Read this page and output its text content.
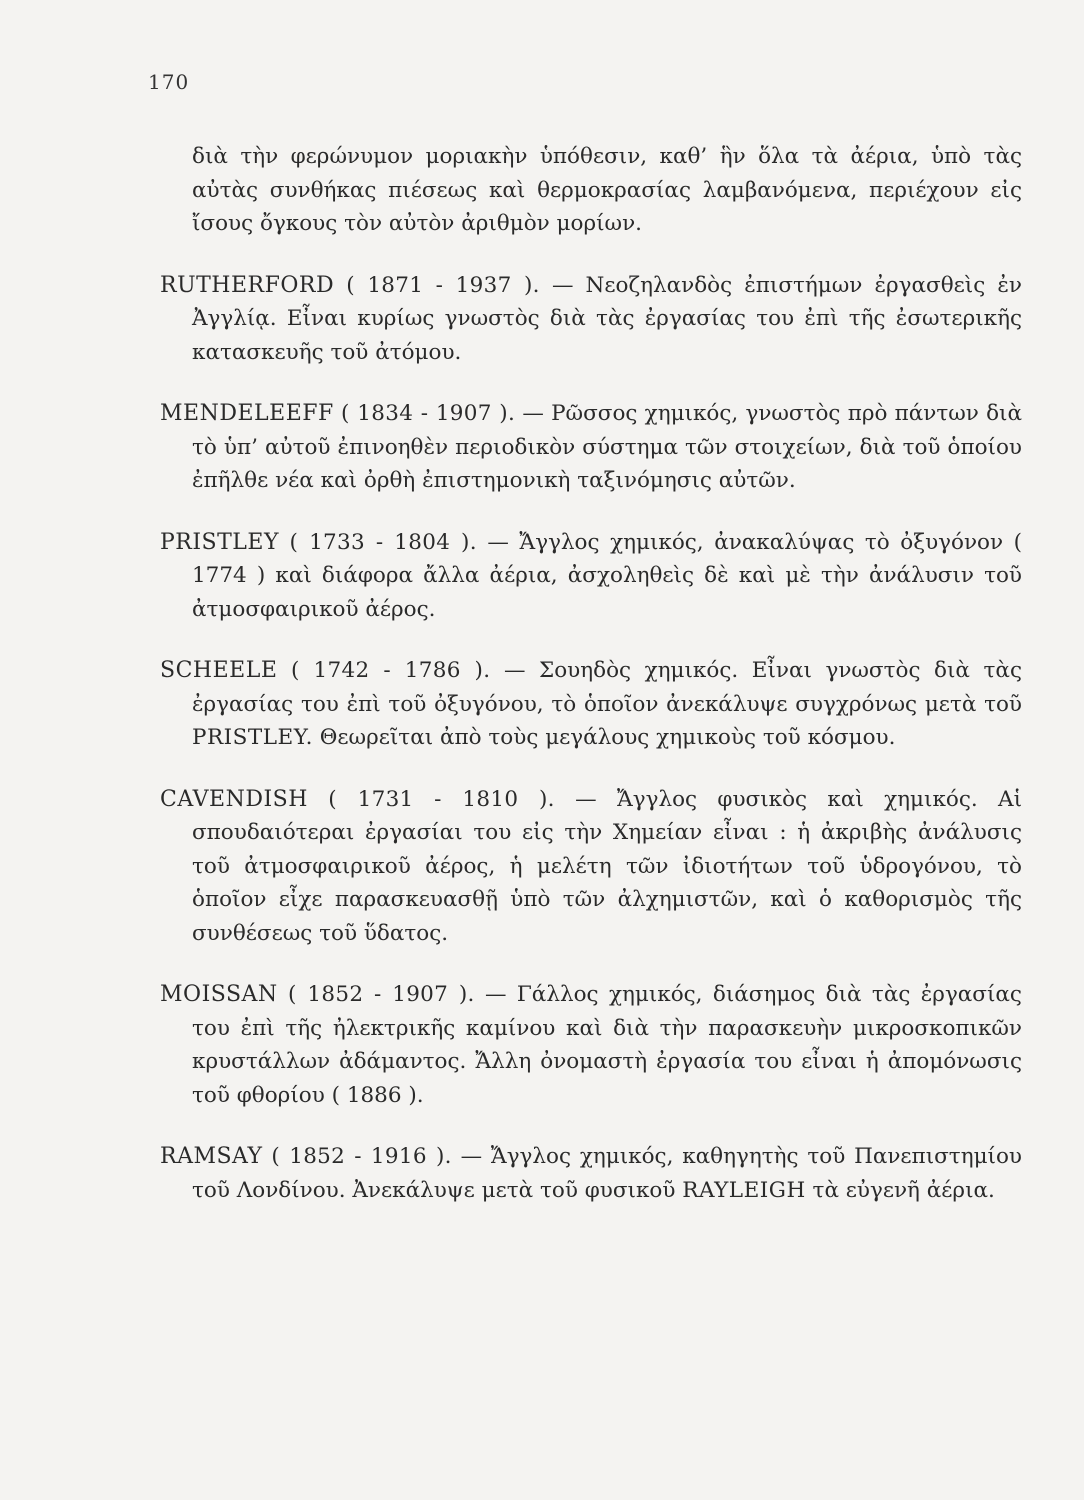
170

διὰ τὴν φερώνυμον μοριακὴν ὑπόθεσιν, καθ’ ἣν ὅλα τὰ ἀέρια, ὑπὸ τὰς αὐτὰς συνθήκας πιέσεως καὶ θερμοκρασίας λαμβανόμενα, περιέχουν εἰς ἴσους ὄγκους τὸν αὐτὸν ἀριθμὸν μορίων.

RUTHERFORD ( 1871 - 1937 ). — Νεοζηλανδὸς ἐπιστήμων ἐργασθεὶς ἐν Ἀγγλίᾳ. Εἶναι κυρίως γνωστὸς διὰ τὰς ἐργασίας του ἐπὶ τῆς ἐσωτερικῆς κατασκευῆς τοῦ ἀτόμου.

MENDELEEFF ( 1834 - 1907 ). — Ρῶσσος χημικός, γνωστὸς πρὸ πάντων διὰ τὸ ὑπ’ αὐτοῦ ἐπινοηθὲν περιοδικὸν σύστημα τῶν στοιχείων, διὰ τοῦ ὁποίου ἐπῆλθε νέα καὶ ὀρθὴ ἐπιστημονικὴ ταξινόμησις αὐτῶν.

PRISTLEY ( 1733 - 1804 ). — Ἄγγλος χημικός, ἀνακαλύψας τὸ ὀξυγόνον ( 1774 ) καὶ διάφορα ἄλλα ἀέρια, ἀσχοληθεὶς δὲ καὶ μὲ τὴν ἀνάλυσιν τοῦ ἀτμοσφαιρικοῦ ἀέρος.

SCHEELE ( 1742 - 1786 ). — Σουηδὸς χημικός. Εἶναι γνωστὸς διὰ τὰς ἐργασίας του ἐπὶ τοῦ ὀξυγόνου, τὸ ὁποῖον ἀνεκάλυψε συγχρόνως μετὰ τοῦ PRISTLEY. Θεωρεῖται ἀπὸ τοὺς μεγάλους χημικοὺς τοῦ κόσμου.

CAVENDISH ( 1731 - 1810 ). — Ἄγγλος φυσικὸς καὶ χημικός. Αἱ σπουδαιότεραι ἐργασίαι του εἰς τὴν Χημείαν εἶναι : ἡ ἀκριβὴς ἀνάλυσις τοῦ ἀτμοσφαιρικοῦ ἀέρος, ἡ μελέτη τῶν ἰδιοτήτων τοῦ ὑδρογόνου, τὸ ὁποῖον εἶχε παρασκευασθῇ ὑπὸ τῶν ἀλχημιστῶν, καὶ ὁ καθορισμὸς τῆς συνθέσεως τοῦ ὕδατος.

MOISSAN ( 1852 - 1907 ). — Γάλλος χημικός, διάσημος διὰ τὰς ἐργασίας του ἐπὶ τῆς ἠλεκτρικῆς καμίνου καὶ διὰ τὴν παρασκευὴν μικροσκοπικῶν κρυστάλλων ἀδάμαντος. Ἄλλη ὀνομαστὴ ἐργασία του εἶναι ἡ ἀπομόνωσις τοῦ φθορίου ( 1886 ).

RAMSAY ( 1852 - 1916 ). — Ἄγγλος χημικός, καθηγητὴς τοῦ Πανεπιστημίου τοῦ Λονδίνου. Ἀνεκάλυψε μετὰ τοῦ φυσικοῦ RAYLEIGH τὰ εὐγενῆ ἀέρια.
